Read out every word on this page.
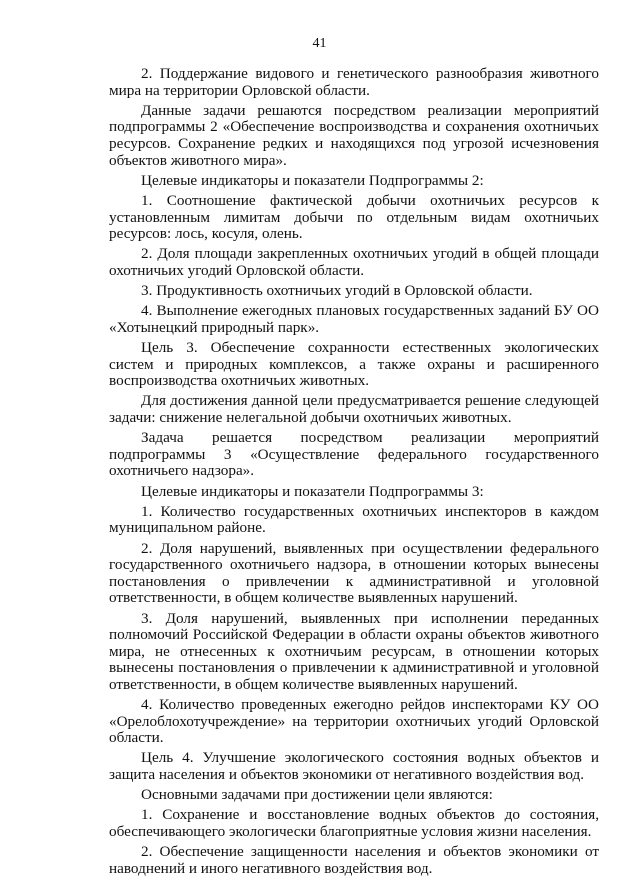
41

2. Поддержание видового и генетического разнообразия животного мира на территории Орловской области.

Данные задачи решаются посредством реализации мероприятий подпрограммы 2 «Обеспечение воспроизводства и сохранения охотничьих ресурсов. Сохранение редких и находящихся под угрозой исчезновения объектов животного мира».

Целевые индикаторы и показатели Подпрограммы 2:

1. Соотношение фактической добычи охотничьих ресурсов к установленным лимитам добычи по отдельным видам охотничьих ресурсов: лось, косуля, олень.

2. Доля площади закрепленных охотничьих угодий в общей площади охотничьих угодий Орловской области.

3. Продуктивность охотничьих угодий в Орловской области.

4. Выполнение ежегодных плановых государственных заданий БУ ОО «Хотынецкий природный парк».

Цель 3. Обеспечение сохранности естественных экологических систем и природных комплексов, а также охраны и расширенного воспроизводства охотничьих животных.

Для достижения данной цели предусматривается решение следующей задачи: снижение нелегальной добычи охотничьих животных.

Задача решается посредством реализации мероприятий подпрограммы 3 «Осуществление федерального государственного охотничьего надзора».

Целевые индикаторы и показатели Подпрограммы 3:

1. Количество государственных охотничьих инспекторов в каждом муниципальном районе.

2. Доля нарушений, выявленных при осуществлении федерального государственного охотничьего надзора, в отношении которых вынесены постановления о привлечении к административной и уголовной ответственности, в общем количестве выявленных нарушений.

3. Доля нарушений, выявленных при исполнении переданных полномочий Российской Федерации в области охраны объектов животного мира, не отнесенных к охотничьим ресурсам, в отношении которых вынесены постановления о привлечении к административной и уголовной ответственности, в общем количестве выявленных нарушений.

4. Количество проведенных ежегодно рейдов инспекторами КУ ОО «Орелоблохотучреждение» на территории охотничьих угодий Орловской области.

Цель 4. Улучшение экологического состояния водных объектов и защита населения и объектов экономики от негативного воздействия вод.

Основными задачами при достижении цели являются:

1. Сохранение и восстановление водных объектов до состояния, обеспечивающего экологически благоприятные условия жизни населения.

2. Обеспечение защищенности населения и объектов экономики от наводнений и иного негативного воздействия вод.
